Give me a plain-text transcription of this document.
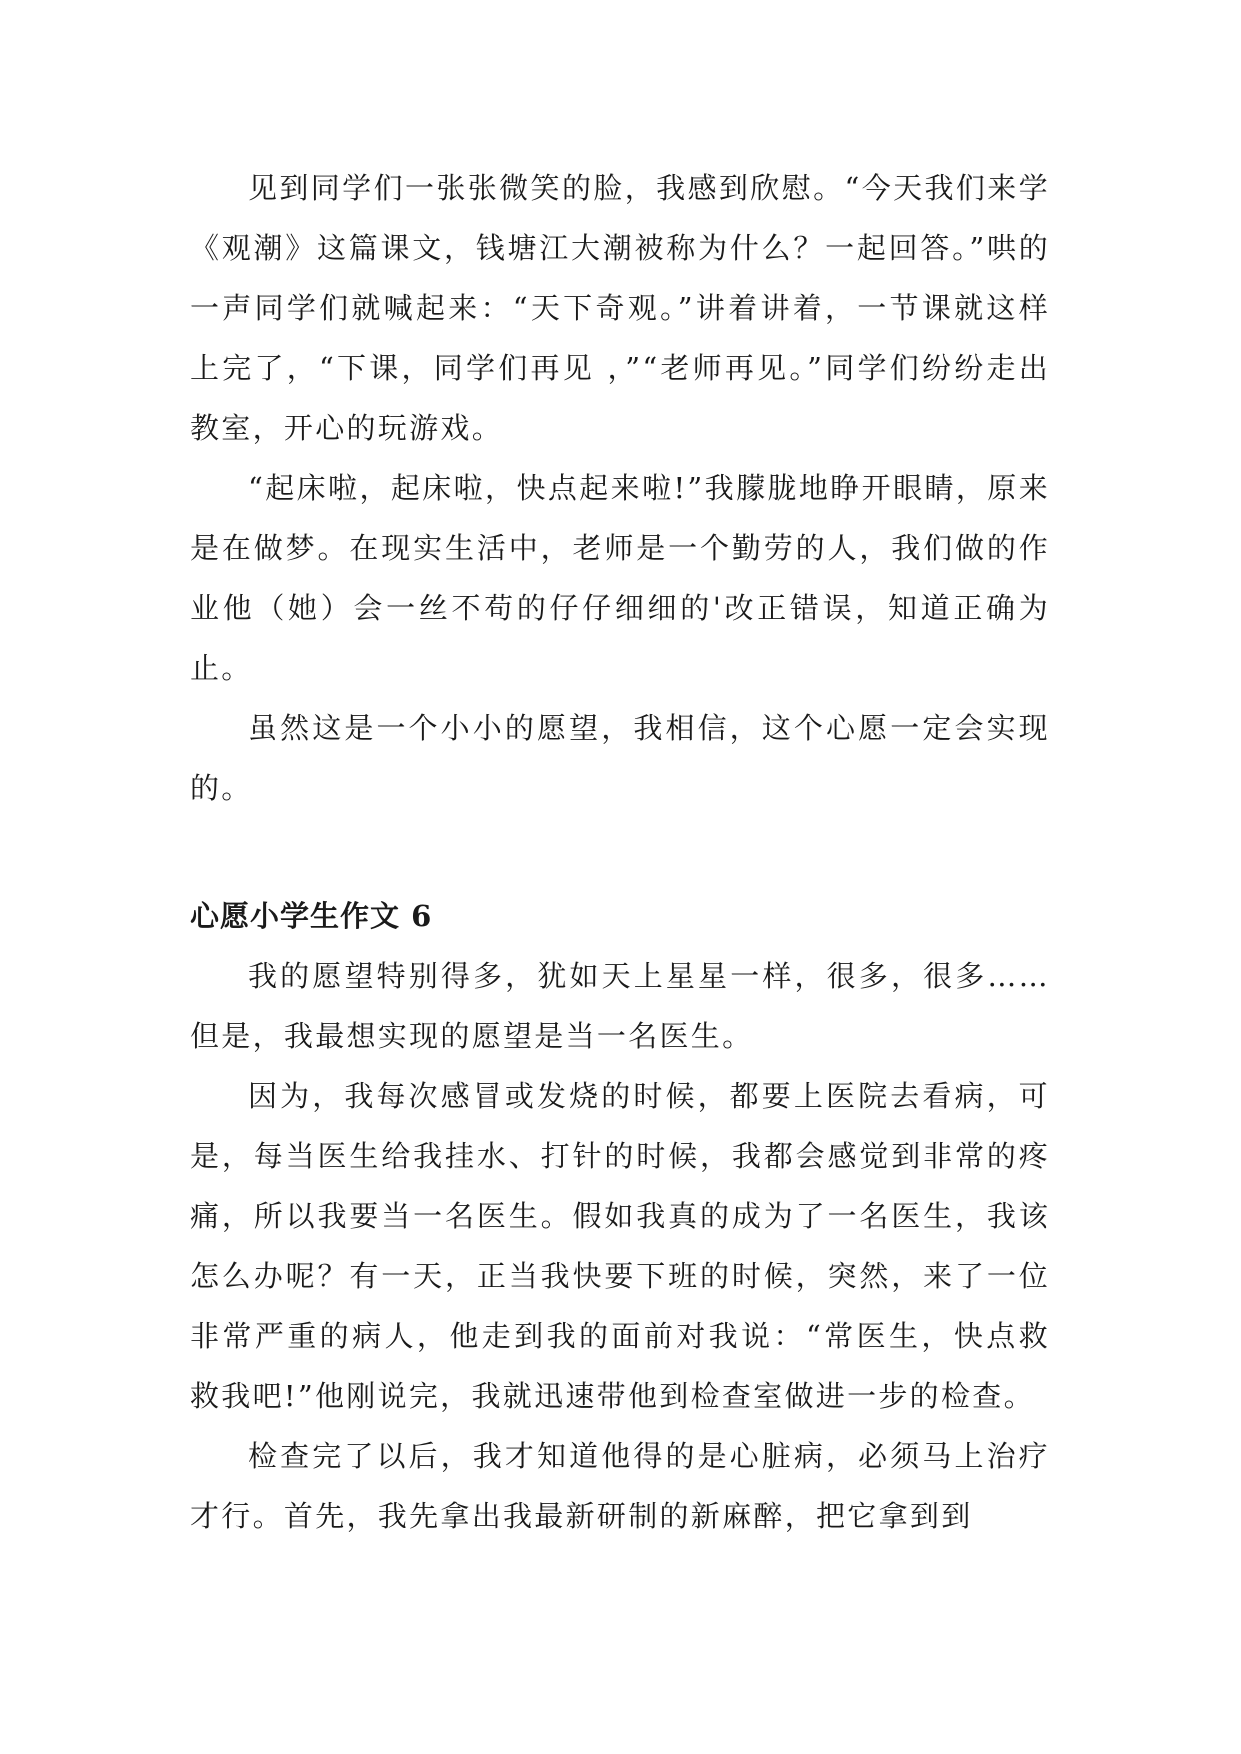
见到同学们一张张微笑的脸，我感到欣慰。“今天我们来学《观潮》这篇课文，钱塘江大潮被称为什么？一起回答。”哄的一声同学们就喊起来：“天下奇观。”讲着讲着，一节课就这样上完了，“下课，同学们再见 ，”“老师再见。”同学们纷纷走出教室，开心的玩游戏。

“起床啦，起床啦，快点起来啦!”我朦胧地睁开眼睛，原来是在做梦。在现实生活中，老师是一个勤劳的人，我们做的作业他（她）会一丝不苟的仔仔细细的'改正错误，知道正确为止。

虽然这是一个小小的愿望，我相信，这个心愿一定会实现的。

心愿小学生作文 6

我的愿望特别得多，犹如天上星星一样，很多，很多……但是，我最想实现的愿望是当一名医生。

因为，我每次感冒或发烧的时候，都要上医院去看病，可是，每当医生给我挂水、打针的时候，我都会感觉到非常的疼痛，所以我要当一名医生。假如我真的成为了一名医生，我该怎么办呢？有一天，正当我快要下班的时候，突然，来了一位非常严重的病人，他走到我的面前对我说：“常医生，快点救救我吧!”他刚说完，我就迅速带他到检查室做进一步的检查。

检查完了以后，我才知道他得的是心脏病，必须马上治疗才行。首先，我先拿出我最新研制的新麻醉，把它拿到到
